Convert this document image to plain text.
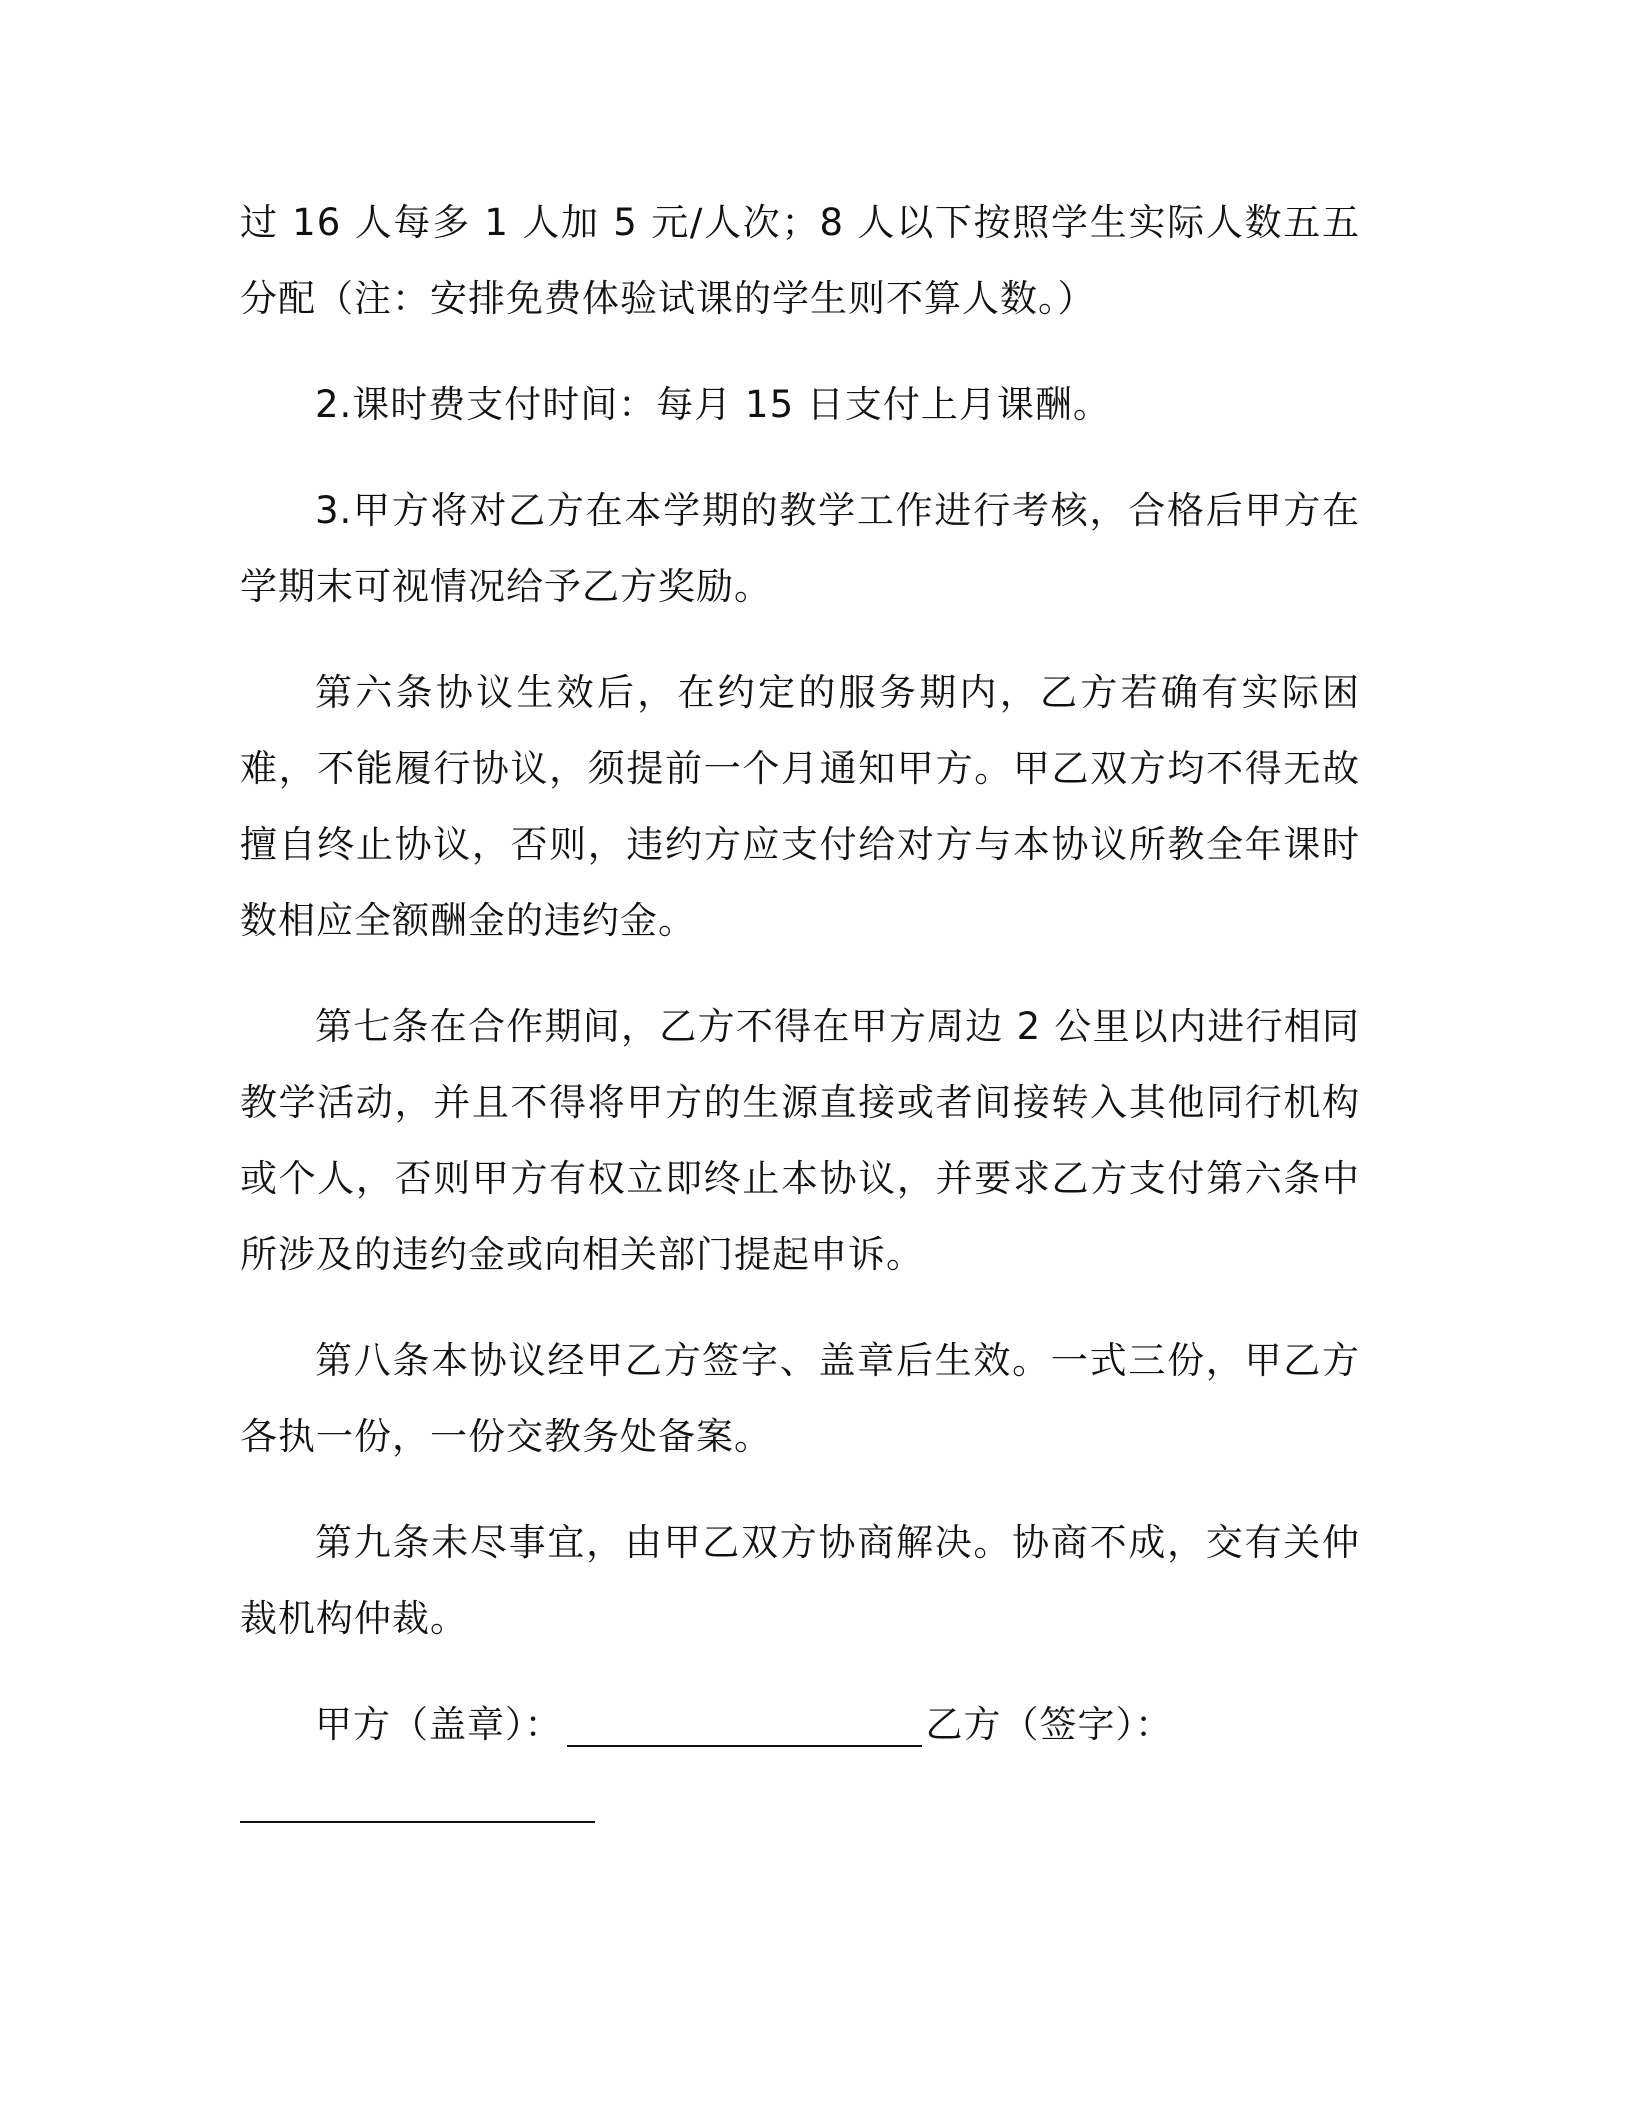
过 16 人每多 1 人加 5 元/人次；8 人以下按照学生实际人数五五分配（注：安排免费体验试课的学生则不算人数。）

2.课时费支付时间：每月 15 日支付上月课酬。

3.甲方将对乙方在本学期的教学工作进行考核，合格后甲方在学期末可视情况给予乙方奖励。

第六条协议生效后，在约定的服务期内，乙方若确有实际困难，不能履行协议，须提前一个月通知甲方。甲乙双方均不得无故擅自终止协议，否则，违约方应支付给对方与本协议所教全年课时数相应全额酬金的违约金。

第七条在合作期间，乙方不得在甲方周边 2 公里以内进行相同教学活动，并且不得将甲方的生源直接或者间接转入其他同行机构或个人，否则甲方有权立即终止本协议，并要求乙方支付第六条中所涉及的违约金或向相关部门提起申诉。

第八条本协议经甲乙方签字、盖章后生效。一式三份，甲乙方各执一份，一份交教务处备案。

第九条未尽事宜，由甲乙双方协商解决。协商不成，交有关仲裁机构仲裁。

甲方（盖章）：	乙方（签字）：
